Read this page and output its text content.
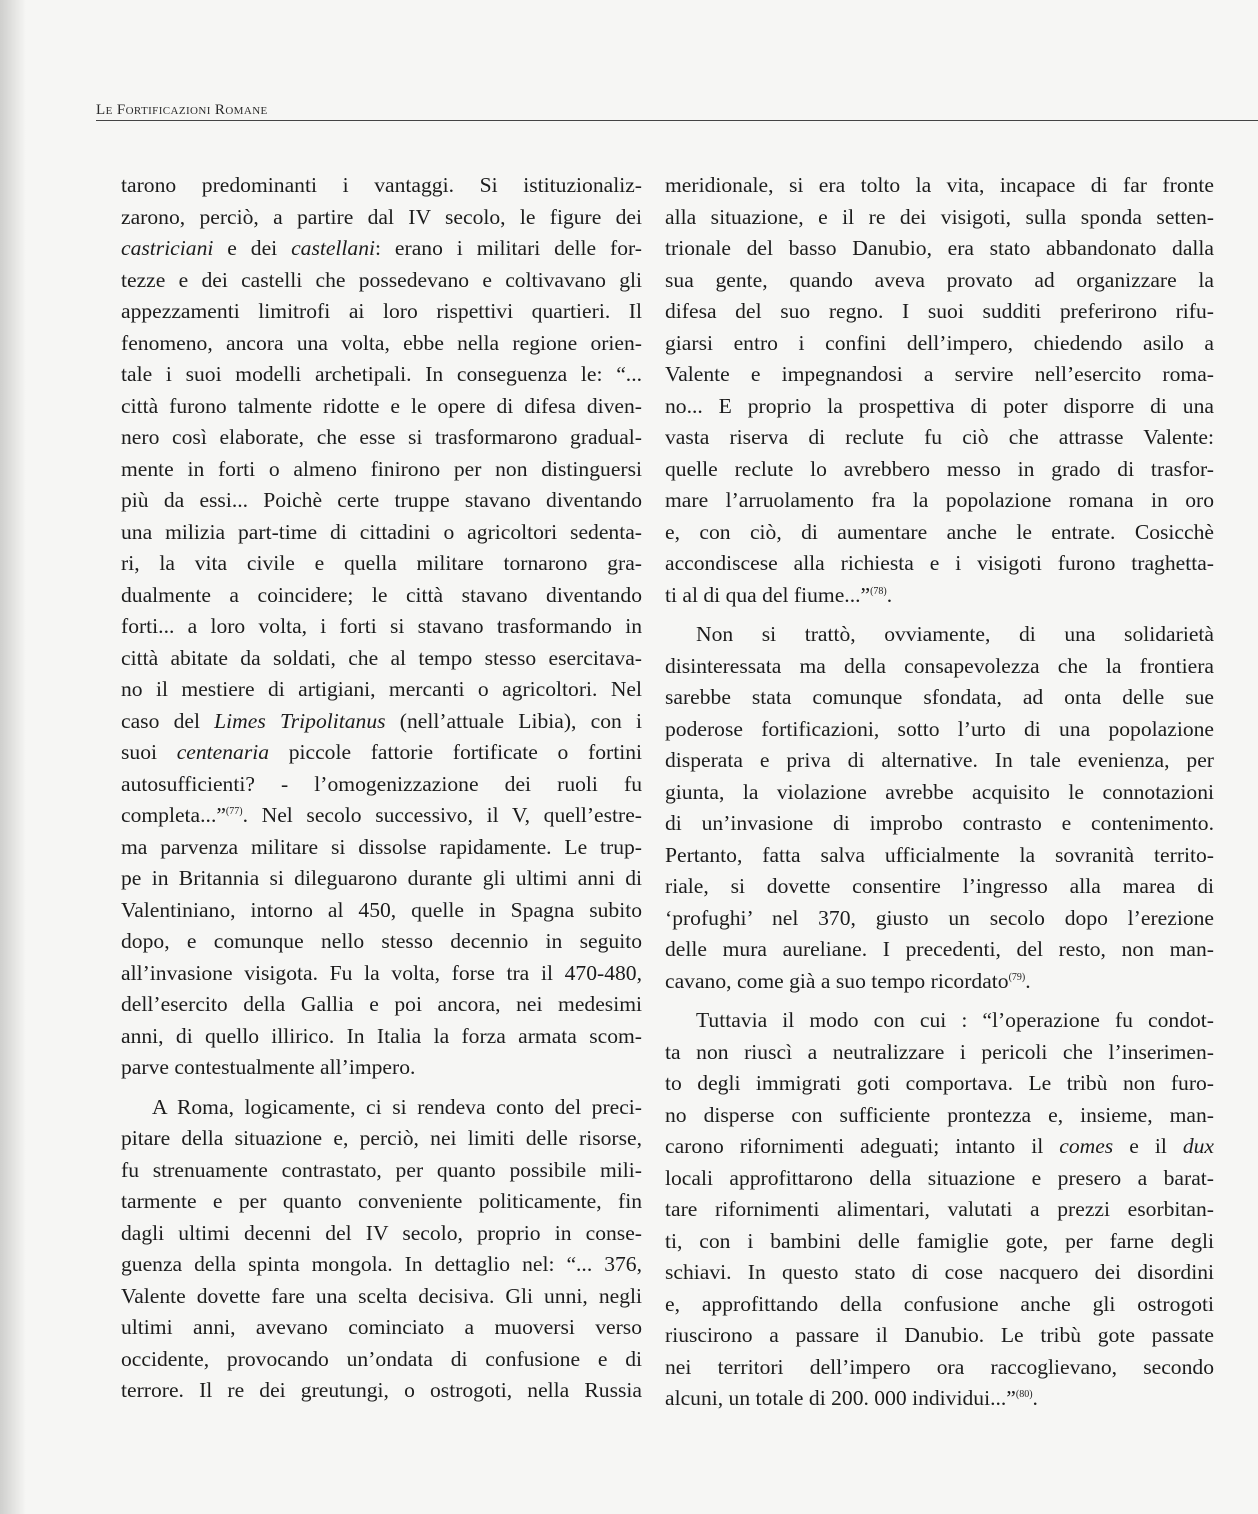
Le Fortificazioni Romane

tarono predominanti i vantaggi. Si istituzionaliz-
zarono, perciò, a partire dal IV secolo, le figure dei
castriciani e dei castellani: erano i militari delle for-
tezze e dei castelli che possedevano e coltivavano gli
appezzamenti limitrofi ai loro rispettivi quartieri. Il
fenomeno, ancora una volta, ebbe nella regione orien-
tale i suoi modelli archetipali. In conseguenza le: “...
città furono talmente ridotte e le opere di difesa diven-
nero così elaborate, che esse si trasformarono gradual-
mente in forti o almeno finirono per non distinguersi
più da essi... Poichè certe truppe stavano diventando
una milizia part-time di cittadini o agricoltori sedenta-
ri, la vita civile e quella militare tornarono gra-
dualmente a coincidere; le città stavano diventando
forti... a loro volta, i forti si stavano trasformando in
città abitate da soldati, che al tempo stesso esercitava-
no il mestiere di artigiani, mercanti o agricoltori. Nel
caso del Limes Tripolitanus (nell’attuale Libia), con i
suoi centenaria piccole fattorie fortificate o fortini
autosufficienti? - l’omogenizzazione dei ruoli fu
completa...”$^{(77)}$. Nel secolo successivo, il V, quell’estre-
ma parvenza militare si dissolse rapidamente. Le trup-
pe in Britannia si dileguarono durante gli ultimi anni di
Valentiniano, intorno al 450, quelle in Spagna subito
dopo, e comunque nello stesso decennio in seguito
all’invasione visigota. Fu la volta, forse tra il 470-480,
dell’esercito della Gallia e poi ancora, nei medesimi
anni, di quello illirico. In Italia la forza armata scom-
parve contestualmente all’impero.

A Roma, logicamente, ci si rendeva conto del preci-
pitare della situazione e, perciò, nei limiti delle risorse,
fu strenuamente contrastato, per quanto possibile mili-
tarmente e per quanto conveniente politicamente, fin
dagli ultimi decenni del IV secolo, proprio in conse-
guenza della spinta mongola. In dettaglio nel: “... 376,
Valente dovette fare una scelta decisiva. Gli unni, negli
ultimi anni, avevano cominciato a muoversi verso
occidente, provocando un’ondata di confusione e di
terrore. Il re dei greutungi, o ostrogoti, nella Russia

meridionale, si era tolto la vita, incapace di far fronte
alla situazione, e il re dei visigoti, sulla sponda setten-
trionale del basso Danubio, era stato abbandonato dalla
sua gente, quando aveva provato ad organizzare la
difesa del suo regno. I suoi sudditi preferirono rifu-
giarsi entro i confini dell’impero, chiedendo asilo a
Valente e impegnandosi a servire nell’esercito roma-
no... E proprio la prospettiva di poter disporre di una
vasta riserva di reclute fu ciò che attrasse Valente:
quelle reclute lo avrebbero messo in grado di trasfor-
mare l’arruolamento fra la popolazione romana in oro
e, con ciò, di aumentare anche le entrate. Cosicchè
accondiscese alla richiesta e i visigoti furono traghetta-
ti al di qua del fiume...”$^{(78)}$.

Non si trattò, ovviamente, di una solidarietà
disinteressata ma della consapevolezza che la frontiera
sarebbe stata comunque sfondata, ad onta delle sue
poderose fortificazioni, sotto l’urto di una popolazione
disperata e priva di alternative. In tale evenienza, per
giunta, la violazione avrebbe acquisito le connotazioni
di un’invasione di improbo contrasto e contenimento.
Pertanto, fatta salva ufficialmente la sovranità territo-
riale, si dovette consentire l’ingresso alla marea di
‘profughi’ nel 370, giusto un secolo dopo l’erezione
delle mura aureliane. I precedenti, del resto, non man-
cavano, come già a suo tempo ricordato$^{(79)}$.

Tuttavia il modo con cui : “l’operazione fu condot-
ta non riuscì a neutralizzare i pericoli che l’inserimen-
to degli immigrati goti comportava. Le tribù non furo-
no disperse con sufficiente prontezza e, insieme, man-
carono rifornimenti adeguati; intanto il comes e il dux
locali approfittarono della situazione e presero a barat-
tare rifornimenti alimentari, valutati a prezzi esorbitan-
ti, con i bambini delle famiglie gote, per farne degli
schiavi. In questo stato di cose nacquero dei disordini
e, approfittando della confusione anche gli ostrogoti
riuscirono a passare il Danubio. Le tribù gote passate
nei territori dell’impero ora raccoglievano, secondo
alcuni, un totale di 200. 000 individui...”$^{(80)}$.
